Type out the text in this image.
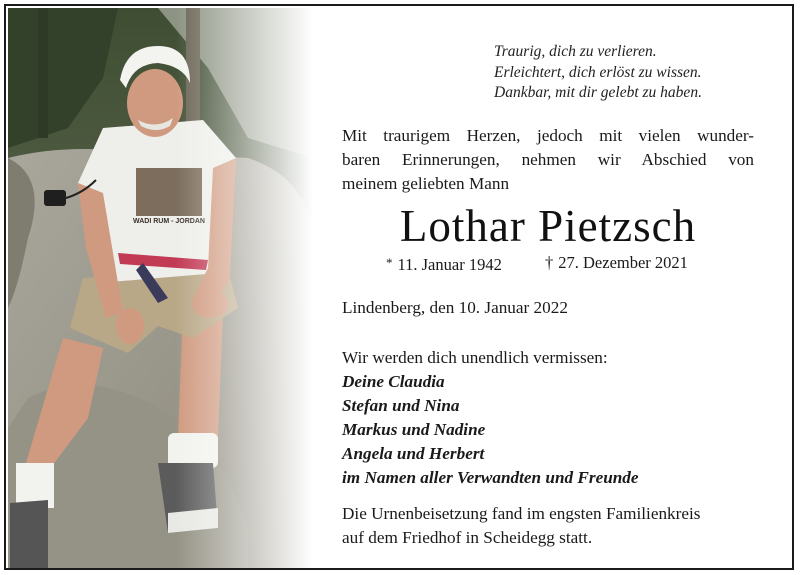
Traurig, dich zu verlieren.
Erleichtert, dich erlöst zu wissen.
Dankbar, mit dir gelebt zu haben.
Mit traurigem Herzen, jedoch mit vielen wunder-
baren Erinnerungen, nehmen wir Abschied von
meinem geliebten Mann
Lothar Pietzsch
* 11. Januar 1942	† 27. Dezember 2021
Lindenberg, den 10. Januar 2022
Wir werden dich unendlich vermissen:
Deine Claudia
Stefan und Nina
Markus und Nadine
Angela und Herbert
im Namen aller Verwandten und Freunde
Die Urnenbeisetzung fand im engsten Familienkreis
auf dem Friedhof in Scheidegg statt.
